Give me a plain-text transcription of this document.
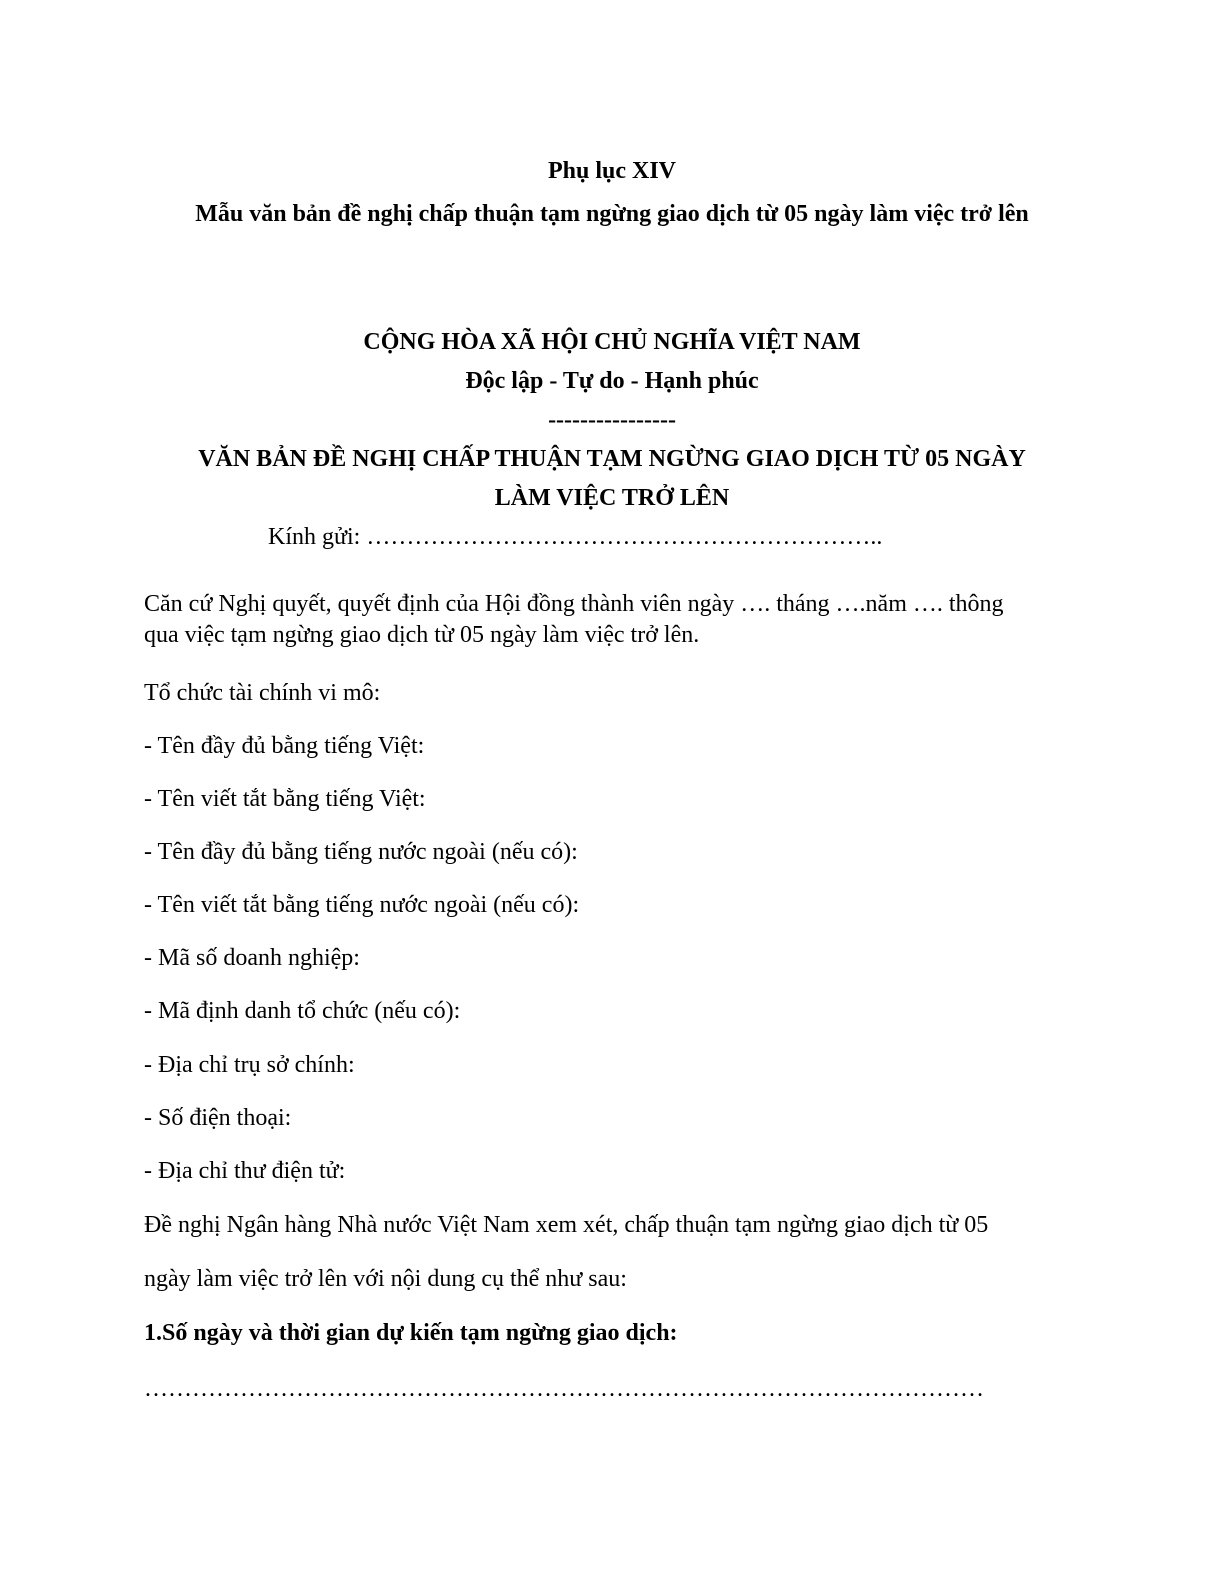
Phụ lục XIV
Mẫu văn bản đề nghị chấp thuận tạm ngừng giao dịch từ 05 ngày làm việc trở lên
CỘNG HÒA XÃ HỘI CHỦ NGHĨA VIỆT NAM
Độc lập - Tự do - Hạnh phúc
----------------
VĂN BẢN ĐỀ NGHỊ CHẤP THUẬN TẠM NGỪNG GIAO DỊCH TỪ 05 NGÀY
LÀM VIỆC TRỞ LÊN
Kính gửi: ………………………………………………………..
Căn cứ Nghị quyết, quyết định của Hội đồng thành viên ngày …. tháng ….năm …. thông
qua việc tạm ngừng giao dịch từ 05 ngày làm việc trở lên.
Tổ chức tài chính vi mô:
- Tên đầy đủ bằng tiếng Việt:
- Tên viết tắt bằng tiếng Việt:
- Tên đầy đủ bằng tiếng nước ngoài (nếu có):
- Tên viết tắt bằng tiếng nước ngoài (nếu có):
- Mã số doanh nghiệp:
- Mã định danh tổ chức (nếu có):
- Địa chỉ trụ sở chính:
- Số điện thoại:
- Địa chỉ thư điện tử:
Đề nghị Ngân hàng Nhà nước Việt Nam xem xét, chấp thuận tạm ngừng giao dịch từ 05
ngày làm việc trở lên với nội dung cụ thể như sau:
1.Số ngày và thời gian dự kiến tạm ngừng giao dịch:
……………………………………………………………………………………………
